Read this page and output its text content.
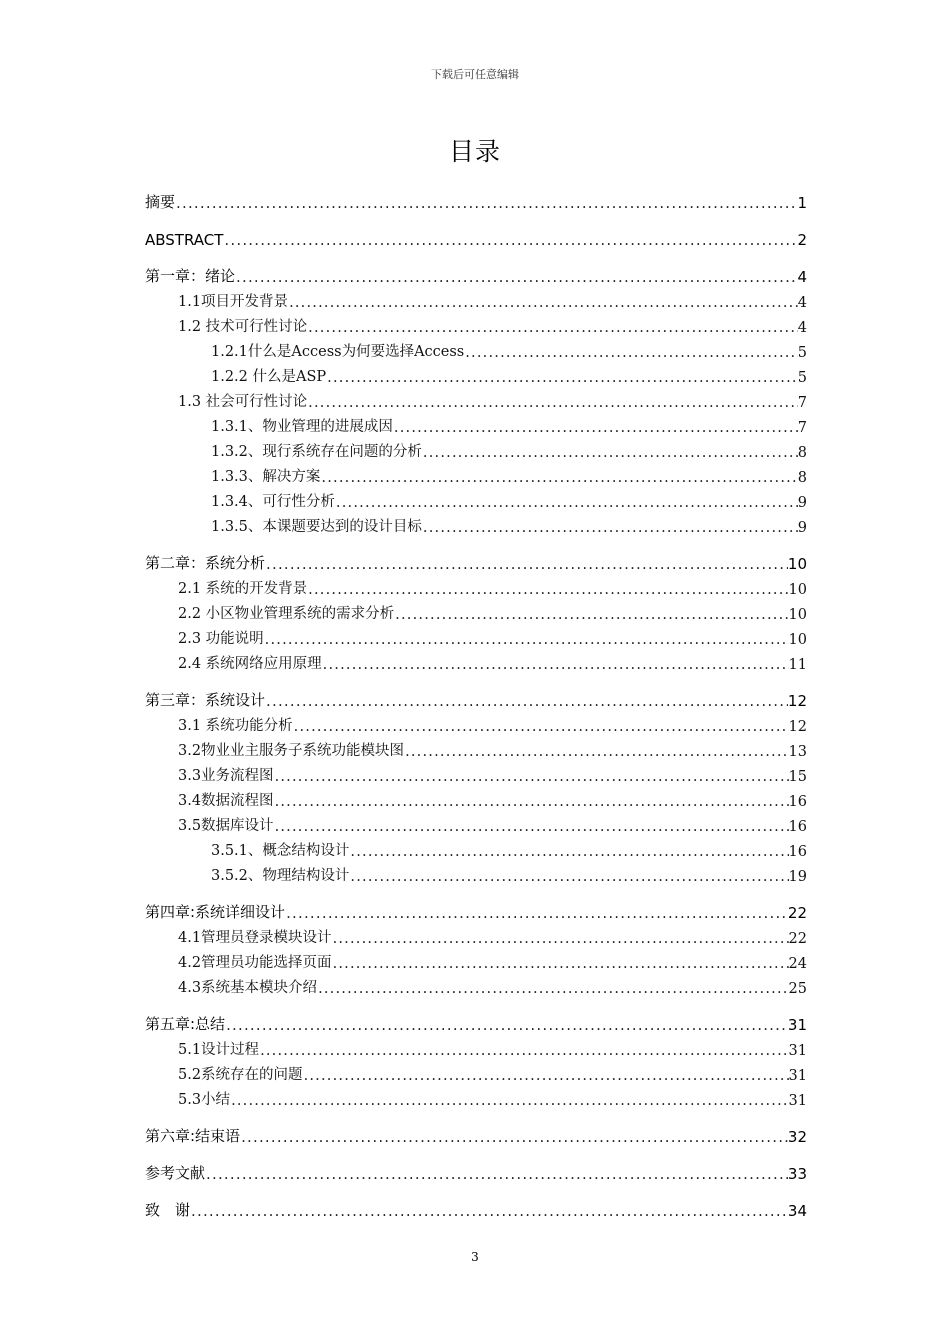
下载后可任意编辑
目录
摘要 .....	1
ABSTRACT .....	2
第一章：绪论 .....	4
1.1项目开发背景 .....	4
1.2 技术可行性讨论 .....	4
1.2.1什么是Access为何要选择Access .....	5
1.2.2 什么是ASP .....	5
1.3 社会可行性讨论 .....	7
1.3.1、物业管理的进展成因 .....	7
1.3.2、现行系统存在问题的分析 .....	8
1.3.3、解决方案 .....	8
1.3.4、可行性分析 .....	9
1.3.5、本课题要达到的设计目标 .....	9
第二章：系统分析 .....	10
2.1 系统的开发背景 .....	10
2.2 小区物业管理系统的需求分析 .....	10
2.3 功能说明 .....	10
2.4 系统网络应用原理 .....	11
第三章：系统设计 .....	12
3.1 系统功能分析 .....	12
3.2物业业主服务子系统功能模块图 .....	13
3.3业务流程图 .....	15
3.4数据流程图 .....	16
3.5数据库设计 .....	16
3.5.1、概念结构设计 .....	16
3.5.2、物理结构设计 .....	19
第四章:系统详细设计 .....	22
4.1管理员登录模块设计 .....	22
4.2管理员功能选择页面 .....	24
4.3系统基本模块介绍 .....	25
第五章:总结 .....	31
5.1设计过程 .....	31
5.2系统存在的问题 .....	31
5.3小结 .....	31
第六章:结束语 .....	32
参考文献 .....	33
致　谢 .....	34
3
